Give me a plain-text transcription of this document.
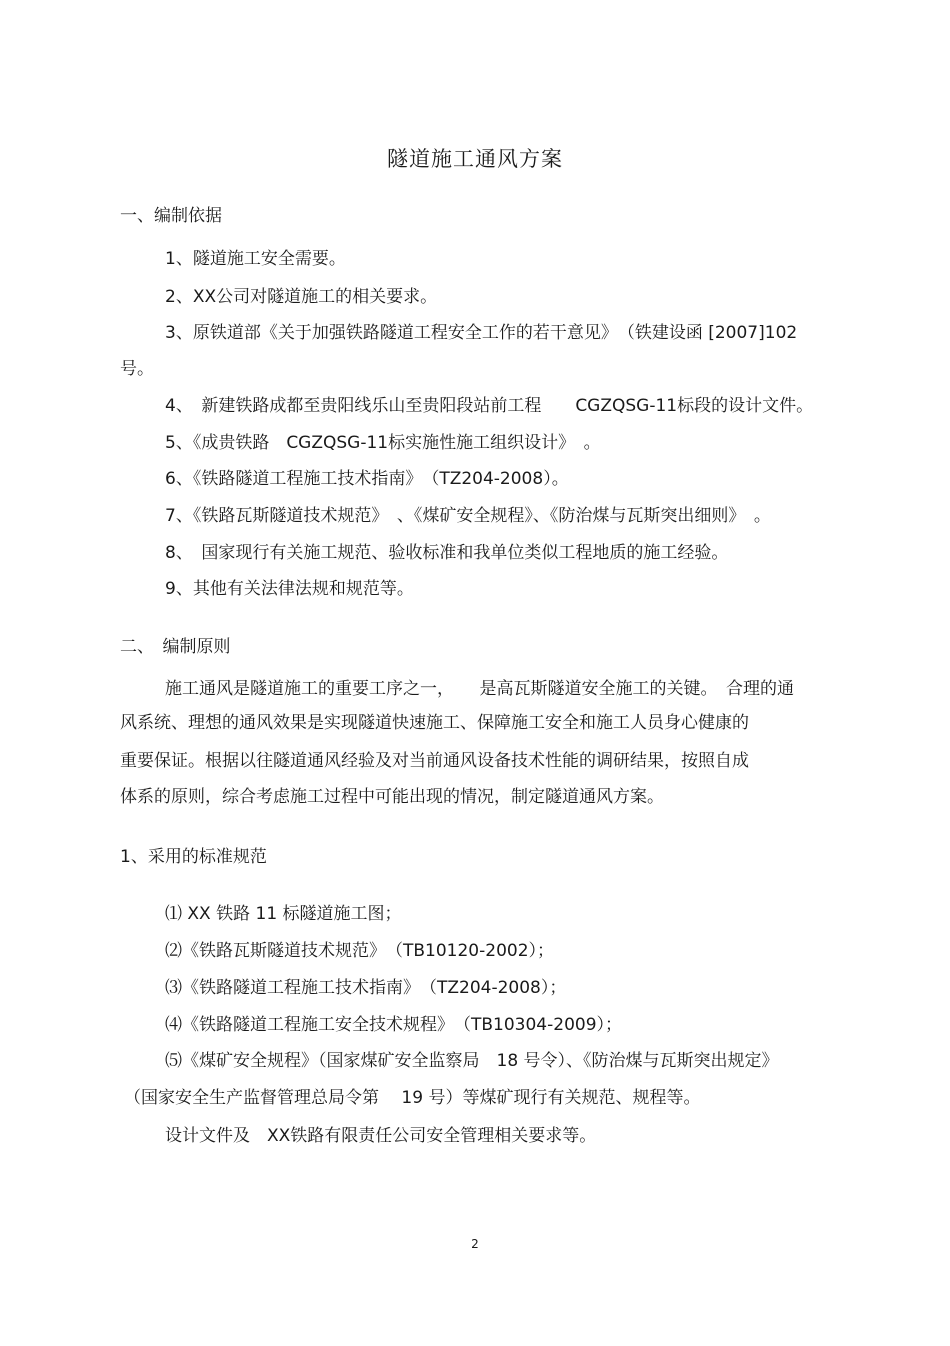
隧道施工通风方案
一、编制依据
1、隧道施工安全需要。
2、XX公司对隧道施工的相关要求。
3、原铁道部《关于加强铁路隧道工程安全工作的若干意见》　（铁建设函 [2007]102
号。
4、　新建铁路成都至贵阳线乐山至贵阳段站前工程　　CGZQSG-11标段的设计文件。
5、《成贵铁路　CGZQSG-11标实施性施工组织设计》　。
6、《铁路隧道工程施工技术指南》　（TZ204-2008）。
7、《铁路瓦斯隧道技术规范》　、《煤矿安全规程》、《防治煤与瓦斯突出细则》　。
8、　国家现行有关施工规范、验收标准和我单位类似工程地质的施工经验。
9、其他有关法律法规和规范等。
二、　编制原则
施工通风是隧道施工的重要工序之一，　　是高瓦斯隧道安全施工的关键。　合理的通
风系统、理想的通风效果是实现隧道快速施工、保障施工安全和施工人员身心健康的
重要保证。根据以往隧道通风经验及对当前通风设备技术性能的调研结果，按照自成
体系的原则，综合考虑施工过程中可能出现的情况，制定隧道通风方案。
1、采用的标准规范
⑴ XX 铁路 11 标隧道施工图；
⑵《铁路瓦斯隧道技术规范》　（TB10120-2002）；
⑶《铁路隧道工程施工技术指南》　（TZ204-2008）；
⑷《铁路隧道工程施工安全技术规程》　（TB10304-2009）；
⑸《煤矿安全规程》（国家煤矿安全监察局　18 号令）、《防治煤与瓦斯突出规定》
（国家安全生产监督管理总局令第　 19 号）等煤矿现行有关规范、规程等。
设计文件及　XX铁路有限责任公司安全管理相关要求等。
2
